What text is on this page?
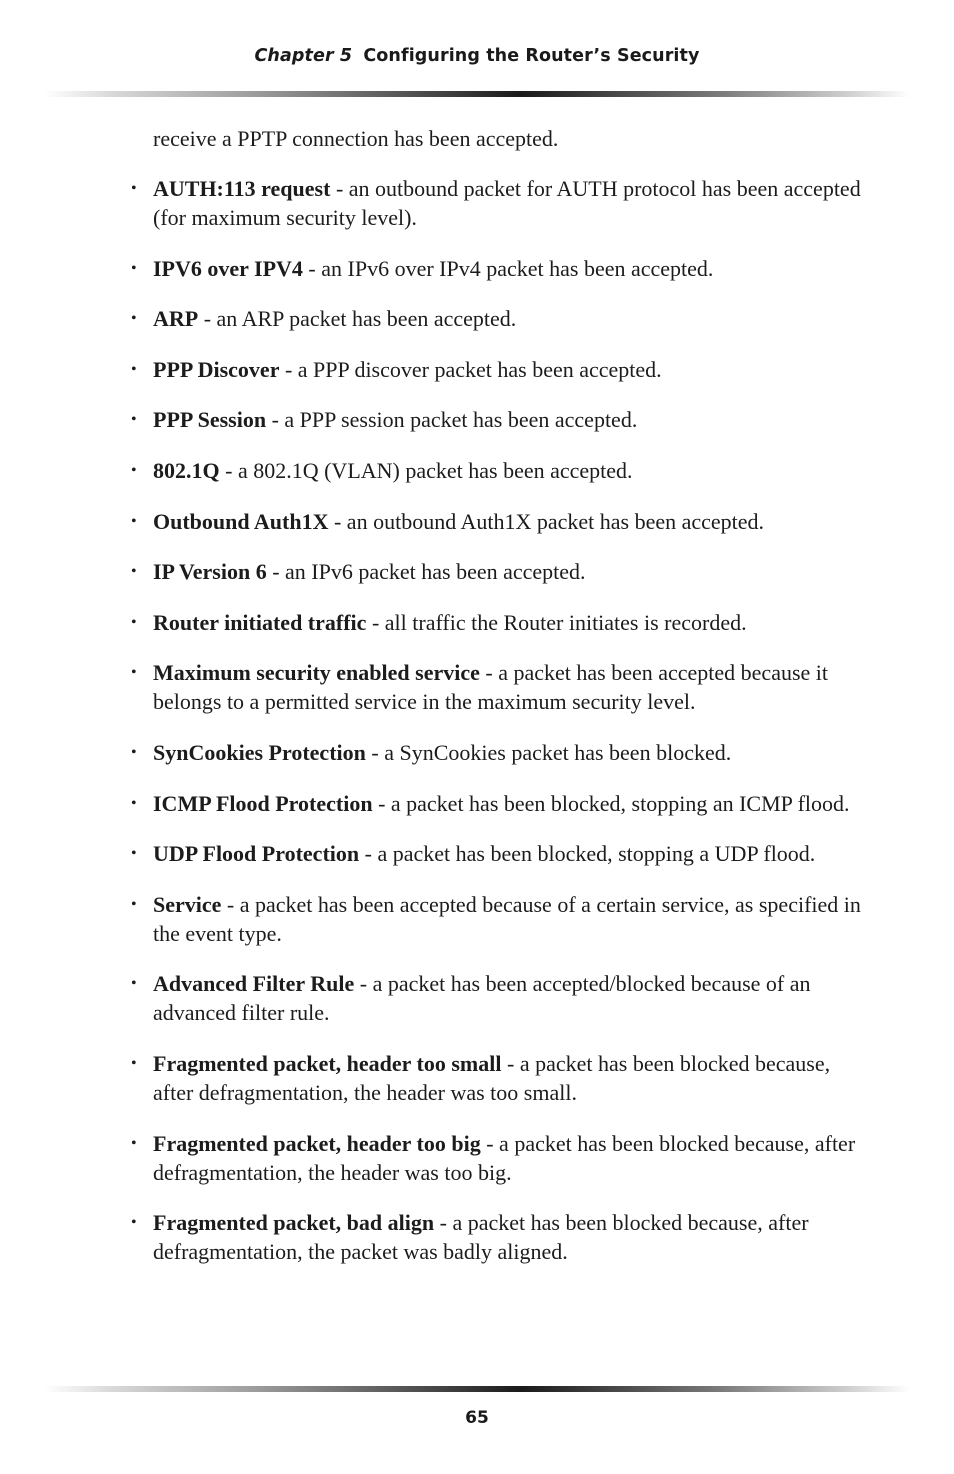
Chapter 5 Configuring the Router’s Security

receive a PPTP connection has been accepted.

• AUTH:113 request - an outbound packet for AUTH protocol has been accepted (for maximum security level).
• IPV6 over IPV4 - an IPv6 over IPv4 packet has been accepted.
• ARP - an ARP packet has been accepted.
• PPP Discover - a PPP discover packet has been accepted.
• PPP Session - a PPP session packet has been accepted.
• 802.1Q - a 802.1Q (VLAN) packet has been accepted.
• Outbound Auth1X - an outbound Auth1X packet has been accepted.
• IP Version 6 - an IPv6 packet has been accepted.
• Router initiated traffic - all traffic the Router initiates is recorded.
• Maximum security enabled service - a packet has been accepted because it belongs to a permitted service in the maximum security level.
• SynCookies Protection - a SynCookies packet has been blocked.
• ICMP Flood Protection - a packet has been blocked, stopping an ICMP flood.
• UDP Flood Protection - a packet has been blocked, stopping a UDP flood.
• Service - a packet has been accepted because of a certain service, as specified in the event type.
• Advanced Filter Rule - a packet has been accepted/blocked because of an advanced filter rule.
• Fragmented packet, header too small - a packet has been blocked because, after defragmentation, the header was too small.
• Fragmented packet, header too big - a packet has been blocked because, after defragmentation, the header was too big.
• Fragmented packet, bad align - a packet has been blocked because, after defragmentation, the packet was badly aligned.
65
